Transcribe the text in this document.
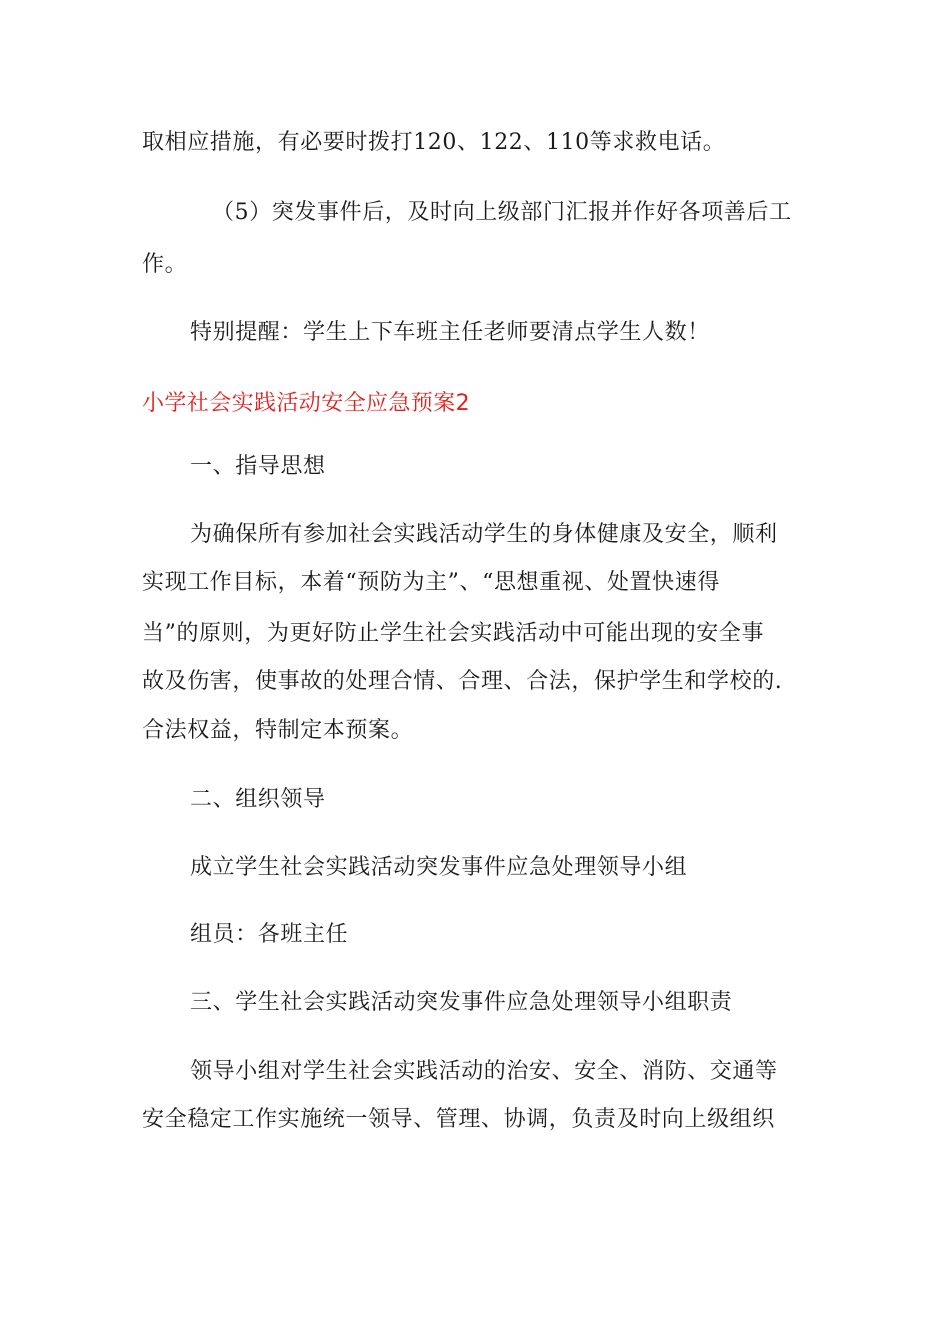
取相应措施，有必要时拨打120、122、110等求救电话。
（5）突发事件后，及时向上级部门汇报并作好各项善后工
作。
特别提醒：学生上下车班主任老师要清点学生人数！
小学社会实践活动安全应急预案2
一、指导思想
为确保所有参加社会实践活动学生的身体健康及安全，顺利
实现工作目标，本着“预防为主”、“思想重视、处置快速得
当”的原则，为更好防止学生社会实践活动中可能出现的安全事
故及伤害，使事故的处理合情、合理、合法，保护学生和学校的.
合法权益，特制定本预案。
二、组织领导
成立学生社会实践活动突发事件应急处理领导小组
组员：各班主任
三、学生社会实践活动突发事件应急处理领导小组职责
领导小组对学生社会实践活动的治安、安全、消防、交通等
安全稳定工作实施统一领导、管理、协调，负责及时向上级组织
